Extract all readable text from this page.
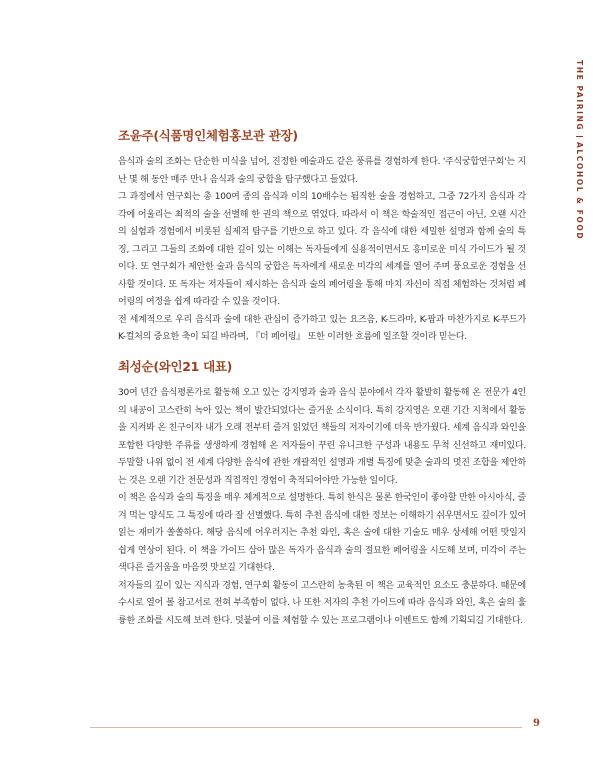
THE PAIRING
ALCOHOL & FOOD
조윤주(식품명인체험홍보관 관장)

음식과 술의 조화는 단순한 미식을 넘어, 진정한 예술과도 같은 풍류를 경험하게 한다. '주식궁합연구회'는 지난 몇 해 동안 매주 만나 음식과 술의 궁합을 탐구했다고 들었다.

그 과정에서 연구회는 총 100여 종의 음식과 이의 10배수는 됨직한 술을 경험하고, 그중 72가지 음식과 각각에 어울리는 최적의 술을 선별해 한 권의 책으로 엮었다. 따라서 이 책은 학술적인 접근이 아닌, 오랜 시간의 실험과 경험에서 비롯된 실제적 탐구를 기반으로 하고 있다. 각 음식에 대한 세밀한 설명과 함께 술의 특징, 그리고 그들의 조화에 대한 깊이 있는 이해는 독자들에게 실용적이면서도 흥미로운 미식 가이드가 될 것이다. 또 연구회가 제안한 술과 음식의 궁합은 독자에게 새로운 미각의 세계를 열어 주며 풍요로운 경험을 선사할 것이다. 또 독자는 저자들이 제시하는 음식과 술의 페어링을 통해 마치 자신이 직접 체험하는 것처럼 페어링의 여정을 쉽게 따라갈 수 있을 것이다.

전 세계적으로 우리 음식과 술에 대한 관심이 증가하고 있는 요즈음, K-드라마, K-팝과 마찬가지로 K-푸드가 K-컬처의 중요한 축이 되길 바라며, 『더 페어링』 또한 이러한 흐름에 일조할 것이라 믿는다.

최성순(와인21 대표)

30여 년간 음식평론가로 활동해 오고 있는 강지영과 술과 음식 분야에서 각자 활발히 활동해 온 전문가 4인의 내공이 고스란히 녹아 있는 책이 발간되었다는 즐거운 소식이다. 특히 강지영은 오랜 기간 지척에서 활동을 지켜봐 온 친구이자 내가 오래 전부터 즐겨 읽었던 책들의 저자이기에 더욱 반가웠다. 세계 음식과 와인을 포함한 다양한 주류를 생생하게 경험해 온 저자들이 꾸린 유니크한 구성과 내용도 무척 신선하고 재미있다. 두말할 나위 없이 전 세계 다양한 음식에 관한 개괄적인 설명과 개별 특징에 맞춘 술과의 멋진 조합을 제안하는 것은 오랜 기간 전문성과 직접적인 경험이 축적되어야만 가능한 일이다.

이 책은 음식과 술의 특징을 매우 체계적으로 설명한다. 특히 한식은 물론 한국인이 좋아할 만한 아시아식, 즐겨 먹는 양식도 그 특징에 따라 잘 선별했다. 특히 추천 음식에 대한 정보는 이해하기 쉬우면서도 깊이가 있어 읽는 재미가 쏠쏠하다. 해당 음식에 어우러지는 추천 와인, 혹은 술에 대한 기술도 매우 상세해 어떤 맛일지 쉽게 연상이 된다. 이 책을 가이드 삼아 많은 독자가 음식과 술의 절묘한 페어링을 시도해 보며, 미각이 주는 색다른 즐거움을 마음껏 맛보길 기대한다.

저자들의 깊이 있는 지식과 경험, 연구회 활동이 고스란히 농축된 이 책은 교육적인 요소도 충분하다. 때문에 수시로 열어 볼 참고서로 전혀 부족함이 없다. 나 또한 저자의 추천 가이드에 따라 음식과 와인, 혹은 술의 훌륭한 조화를 시도해 보려 한다. 덧붙여 이를 체험할 수 있는 프로그램이나 이벤트도 함께 기획되길 기대한다.

9
